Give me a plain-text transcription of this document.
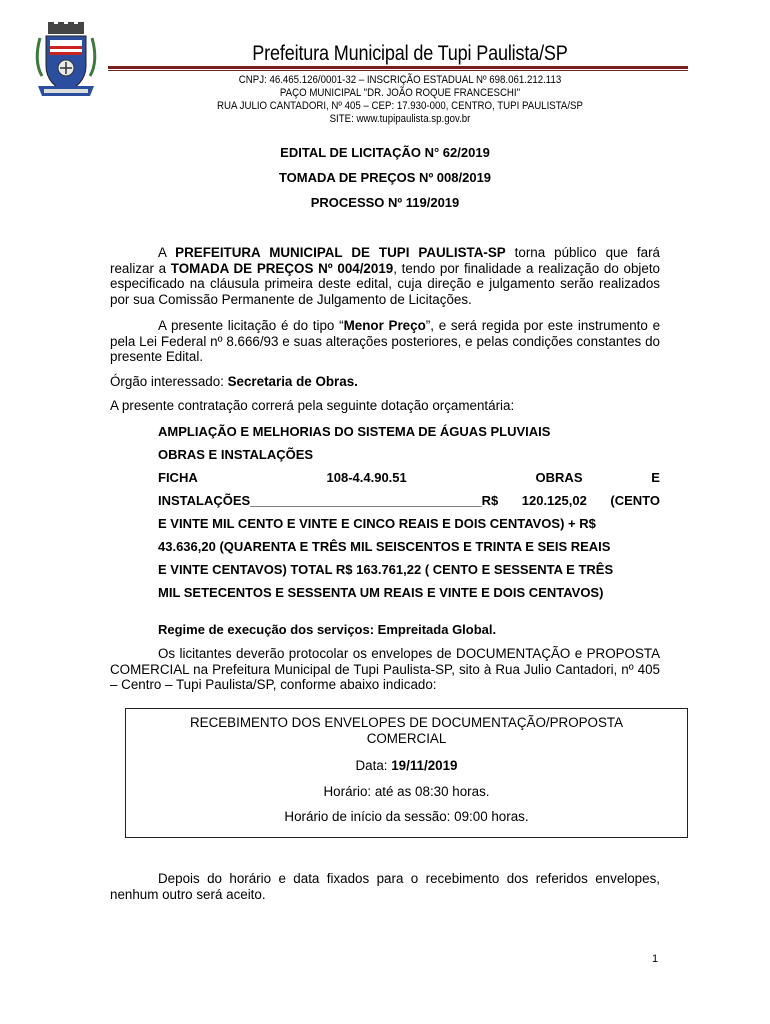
Prefeitura Municipal de Tupi Paulista/SP
CNPJ: 46.465.126/0001-32 – INSCRIÇÃO ESTADUAL Nº 698.061.212.113
PAÇO MUNICIPAL "DR. JOÃO ROQUE FRANCESCHI"
RUA JULIO CANTADORI, Nº 405 – CEP: 17.930-000, CENTRO, TUPI PAULISTA/SP
SITE: www.tupipaulista.sp.gov.br
EDITAL DE LICITAÇÃO N° 62/2019
TOMADA DE PREÇOS Nº 008/2019
PROCESSO Nº 119/2019
A PREFEITURA MUNICIPAL DE TUPI PAULISTA-SP torna público que fará realizar a TOMADA DE PREÇOS Nº 004/2019, tendo por finalidade a realização do objeto especificado na cláusula primeira deste edital, cuja direção e julgamento serão realizados por sua Comissão Permanente de Julgamento de Licitações.
A presente licitação é do tipo “Menor Preço”, e será regida por este instrumento e pela Lei Federal nº 8.666/93 e suas alterações posteriores, e pelas condições constantes do presente Edital.
Órgão interessado: Secretaria de Obras.
A presente contratação correrá pela seguinte dotação orçamentária:
AMPLIAÇÃO E MELHORIAS DO SISTEMA DE ÁGUAS PLUVIAIS
OBRAS E INSTALAÇÕES
FICHA	108-4.4.90.51	OBRAS	E
INSTALAÇÕES________________________________R$ 120.125,02 (CENTO
E VINTE MIL CENTO E VINTE E CINCO REAIS E DOIS CENTAVOS) + R$
43.636,20 (QUARENTA E TRÊS MIL SEISCENTOS E TRINTA E SEIS REAIS
E VINTE CENTAVOS) TOTAL R$ 163.761,22 ( CENTO E SESSENTA E TRÊS
MIL SETECENTOS E SESSENTA UM REAIS E VINTE E DOIS CENTAVOS)
Regime de execução dos serviços: Empreitada Global.
Os licitantes deverão protocolar os envelopes de DOCUMENTAÇÃO e PROPOSTA COMERCIAL na Prefeitura Municipal de Tupi Paulista-SP, sito à Rua Julio Cantadori, nº 405 – Centro – Tupi Paulista/SP, conforme abaixo indicado:
RECEBIMENTO DOS ENVELOPES DE DOCUMENTAÇÃO/PROPOSTA
COMERCIAL
Data: 19/11/2019
Horário: até as 08:30 horas.
Horário de início da sessão: 09:00 horas.
Depois do horário e data fixados para o recebimento dos referidos envelopes, nenhum outro será aceito.
1
